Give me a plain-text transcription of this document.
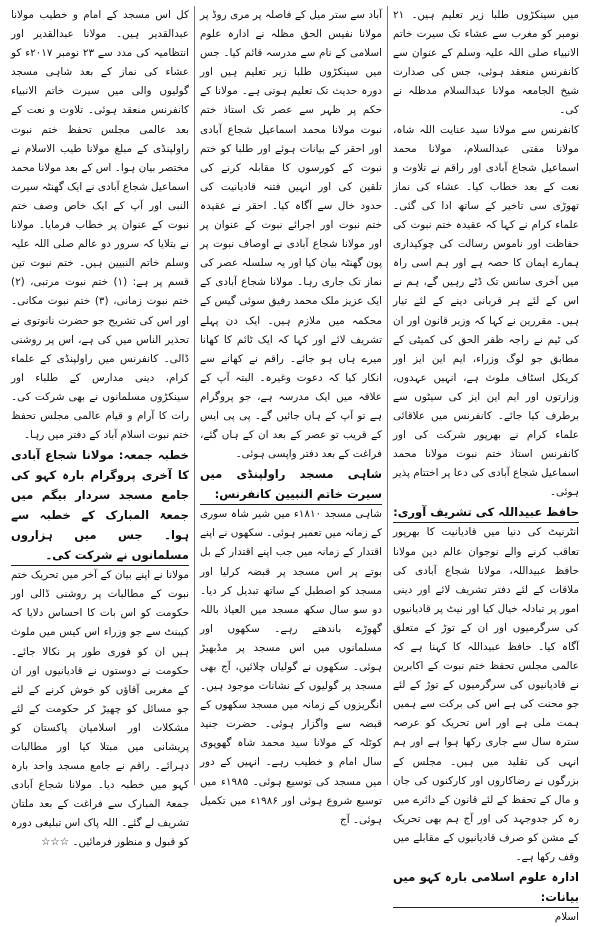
میں سینکڑوں طلبا زیر تعلیم ہیں۔ ۲۱ نومبر کو مغرب سے عشاء تک سیرت خاتم الانبیاء صلی اللہ علیہ وسلم کے عنوان سے کانفرنس منعقد ہوئی، جس کی صدارت شیخ الجامعہ مولانا عبدالسلام مدظلہ نے کی۔

کانفرنس سے مولانا سید عنایت اللہ شاہ، مولانا مفتی عبدالسلام، مولانا محمد اسماعیل شجاع آبادی اور راقم نے تلاوت و نعت کے بعد خطاب کیا۔ عشاء کی نماز تھوڑی سی تاخیر کے ساتھ ادا کی گئی۔ علماء کرام نے کہا کہ عقیدہ ختم نبوت کی حفاظت اور ناموس رسالت کی چوکیداری ہمارے ایمان کا حصہ ہے اور ہم اسی راہ میں آخری سانس تک ڈٹے رہیں گے، ہم نے اس کے لئے ہر قربانی دینے کے لئے تیار ہیں۔ مقررین نے کہا کہ وزیر قانون اور ان کی ٹیم نے راجہ ظفر الحق کی کمیٹی کے مطابق جو لوگ وزراء، ایم این ایز اور کریکل اسٹاف ملوث ہے، انہیں عہدوں، وزارتوں اور ایم این ایز کی سیٹوں سے برطرف کیا جائے۔ کانفرنس میں علاقائی علماء کرام نے بھرپور شرکت کی اور کانفرنس استاذ ختم نبوت مولانا محمد اسماعیل شجاع آبادی کی دعا پر اختتام پذیر ہوئی۔

حافظ عبیداللہ کی تشریف آوری:

انٹرنیٹ کی دنیا میں قادیانیت کا بھرپور تعاقب کرنے والے نوجوان عالم دین مولانا حافظ عبیداللہ، مولانا شجاع آبادی کی ملاقات کے لئے دفتر تشریف لائے اور دینی امور پر تبادلہ خیال کیا اور نیٹ پر قادیانیوں کی سرگرمیوں اور ان کے توڑ کے متعلق آگاہ کیا۔ حافظ عبیداللہ کا کہنا ہے کہ عالمی مجلس تحفظ ختم نبوت کے اکابرین نے قادیانیوں کی سرگرمیوں کے توڑ کے لئے جو محنت کی ہے اس کی برکت سے ہمیں ہمت ملی ہے اور اس تحریک کو عرصہ سترہ سال سے جاری رکھا ہوا ہے اور ہم انہی کی تقلید میں ہیں۔ مجلس کے بزرگوں نے رضاکاروں اور کارکنوں کی جان و مال کے تحفظ کے لئے قانون کے دائرے میں رہ کر جدوجہد کی اور آج ہم بھی تحریک کے مشن کو صرف قادیانیوں کے مقابلے میں وقف رکھا ہے۔

ادارہ علوم اسلامی بارہ کہو میں بیانات:

اسلام

آباد سے ستر میل کے فاصلہ پر مری روڈ پر مولانا نفیس الحق مظلہ نے ادارہ علوم اسلامی کے نام سے مدرسہ قائم کیا۔ جس میں سینکڑوں طلبا زیر تعلیم ہیں اور دورہ حدیث تک تعلیم ہوتی ہے۔ مولانا کے حکم پر ظہر سے عصر تک استاذ ختم نبوت مولانا محمد اسماعیل شجاع آبادی اور احقر کے بیانات ہوئے اور طلبا کو ختم نبوت کے کورسوں کا مقابلہ کرنے کی تلقین کی اور انہیں فتنہ قادیانیت کی حدود خال سے آگاہ کیا۔ احقر نے عقیدہ ختم نبوت اور اجرائے نبوت کے عنوان پر اور مولانا شجاع آبادی نے اوصاف نبوت پر پون گھنٹہ بیان کیا اور یہ سلسلہ عصر کی نماز تک جاری رہا۔ مولانا شجاع آبادی کے ایک عزیز ملک محمد رفیق سوئی گیس کے محکمہ میں ملازم ہیں۔ ایک دن پہلے تشریف لائے اور کہا کہ ایک ٹائم کا کھانا میرے ہاں ہو جائے۔ راقم نے کھانے سے انکار کیا کہ دعوت وغیرہ۔ البتہ آپ کے علاقہ میں ایک مدرسہ ہے، جو پروگرام ہے تو آپ کے ہاں جائیں گے۔ پی پی ایس کے قریب تو عصر کے بعد ان کے ہاں گئے، فراغت کے بعد دفتر واپسی ہوئی۔

شاہی مسجد راولپنڈی میں سیرت خاتم النبیین کانفرنس:

شاہی مسجد ۱۸۱۰ء میں شیر شاہ سوری کے زمانہ میں تعمیر ہوئی۔ سکھوں نے اپنے اقتدار کے زمانہ میں جب اپنے اقتدار کے بل بوتے پر اس مسجد پر قبضہ کرلیا اور مسجد کو اصطبل کے ساتھ تبدیل کر دیا۔ دو سو سال سکھ مسجد میں العیاذ باللہ گھوڑے باندھتے رہے۔ سکھوں اور مسلمانوں میں اس مسجد پر مڈبھیڑ ہوئی۔ سکھوں نے گولیاں چلائیں، آج بھی مسجد پر گولیوں کے نشانات موجود ہیں۔ انگریزوں کے زمانہ میں مسجد سکھوں کے قبضہ سے واگزار ہوئی۔ حضرت جنید کوٹلہ کے مولانا سید محمد شاہ گھوپوی سال امام و خطیب رہے۔ انہیں کے دور میں مسجد کی توسیع ہوئی۔ ۱۹۸۵ء میں توسیع شروع ہوئی اور ۱۹۸۶ء میں تکمیل ہوئی۔ آج

کل اس مسجد کے امام و خطیب مولانا عبدالقدیر ہیں۔ مولانا عبدالقدیر اور انتظامیہ کی مدد سے ۲۳ نومبر ۲۰۱۷ء کو عشاء کی نماز کے بعد شاہی مسجد گولیوں والی میں سیرت خاتم الانبیاء کانفرنس منعقد ہوئی۔ تلاوت و نعت کے بعد عالمی مجلس تحفظ ختم نبوت راولپنڈی کے مبلغ مولانا طیب الاسلام نے مختصر بیان ہوا۔ اس کے بعد مولانا محمد اسماعیل شجاع آبادی نے ایک گھنٹہ سیرت النبی اور آپ کے ایک خاص وصف ختم نبوت کے عنوان پر خطاب فرمایا۔ مولانا نے بتلایا کہ سرور دو عالم صلی اللہ علیہ وسلم خاتم النبیین ہیں۔ ختم نبوت تین قسم پر ہے: (۱) ختم نبوت مرتبی، (۲) ختم نبوت زمانی، (۳) ختم نبوت مکانی۔ اور اس کی تشریح جو حضرت نانوتوی نے تحذیر الناس میں کی ہے، اس پر روشنی ڈالی۔ کانفرنس میں راولپنڈی کے علماء کرام، دینی مدارس کے طلباء اور سینکڑوں مسلمانوں نے بھی شرکت کی۔ رات کا آرام و قیام عالمی مجلس تحفظ ختم نبوت اسلام آباد کے دفتر میں رہا۔

خطبہ جمعہ: مولانا شجاع آبادی کا آخری پروگرام بارہ کہو کی جامع مسجد سردار بیگم میں جمعۃ المبارک کے خطبہ سے ہوا۔ جس میں ہزاروں مسلمانوں نے شرکت کی۔

مولانا نے اپنے بیان کے آخر میں تحریک ختم نبوت کے مطالبات پر روشنی ڈالی اور حکومت کو اس بات کا احساس دلایا کہ کیبنٹ سے جو وزراء اس کیس میں ملوث ہیں ان کو فوری طور پر نکالا جائے۔ حکومت نے دوستوں نے قادیانیوں اور ان کے مغربی آقاؤں کو خوش کرنے کے لئے جو مسائل کو چھیڑ کر حکومت کے لئے مشکلات اور اسلامیان پاکستان کو پریشانی میں مبتلا کیا اور مطالبات دہرائے۔ راقم نے جامع مسجد واحد بارہ کہو میں خطبہ دیا۔ مولانا شجاع آبادی جمعۃ المبارک سے فراغت کے بعد ملتان تشریف لے گئے۔ اللہ پاک اس تبلیغی دورہ کو قبول و منظور فرمائیں۔ ☆☆☆
